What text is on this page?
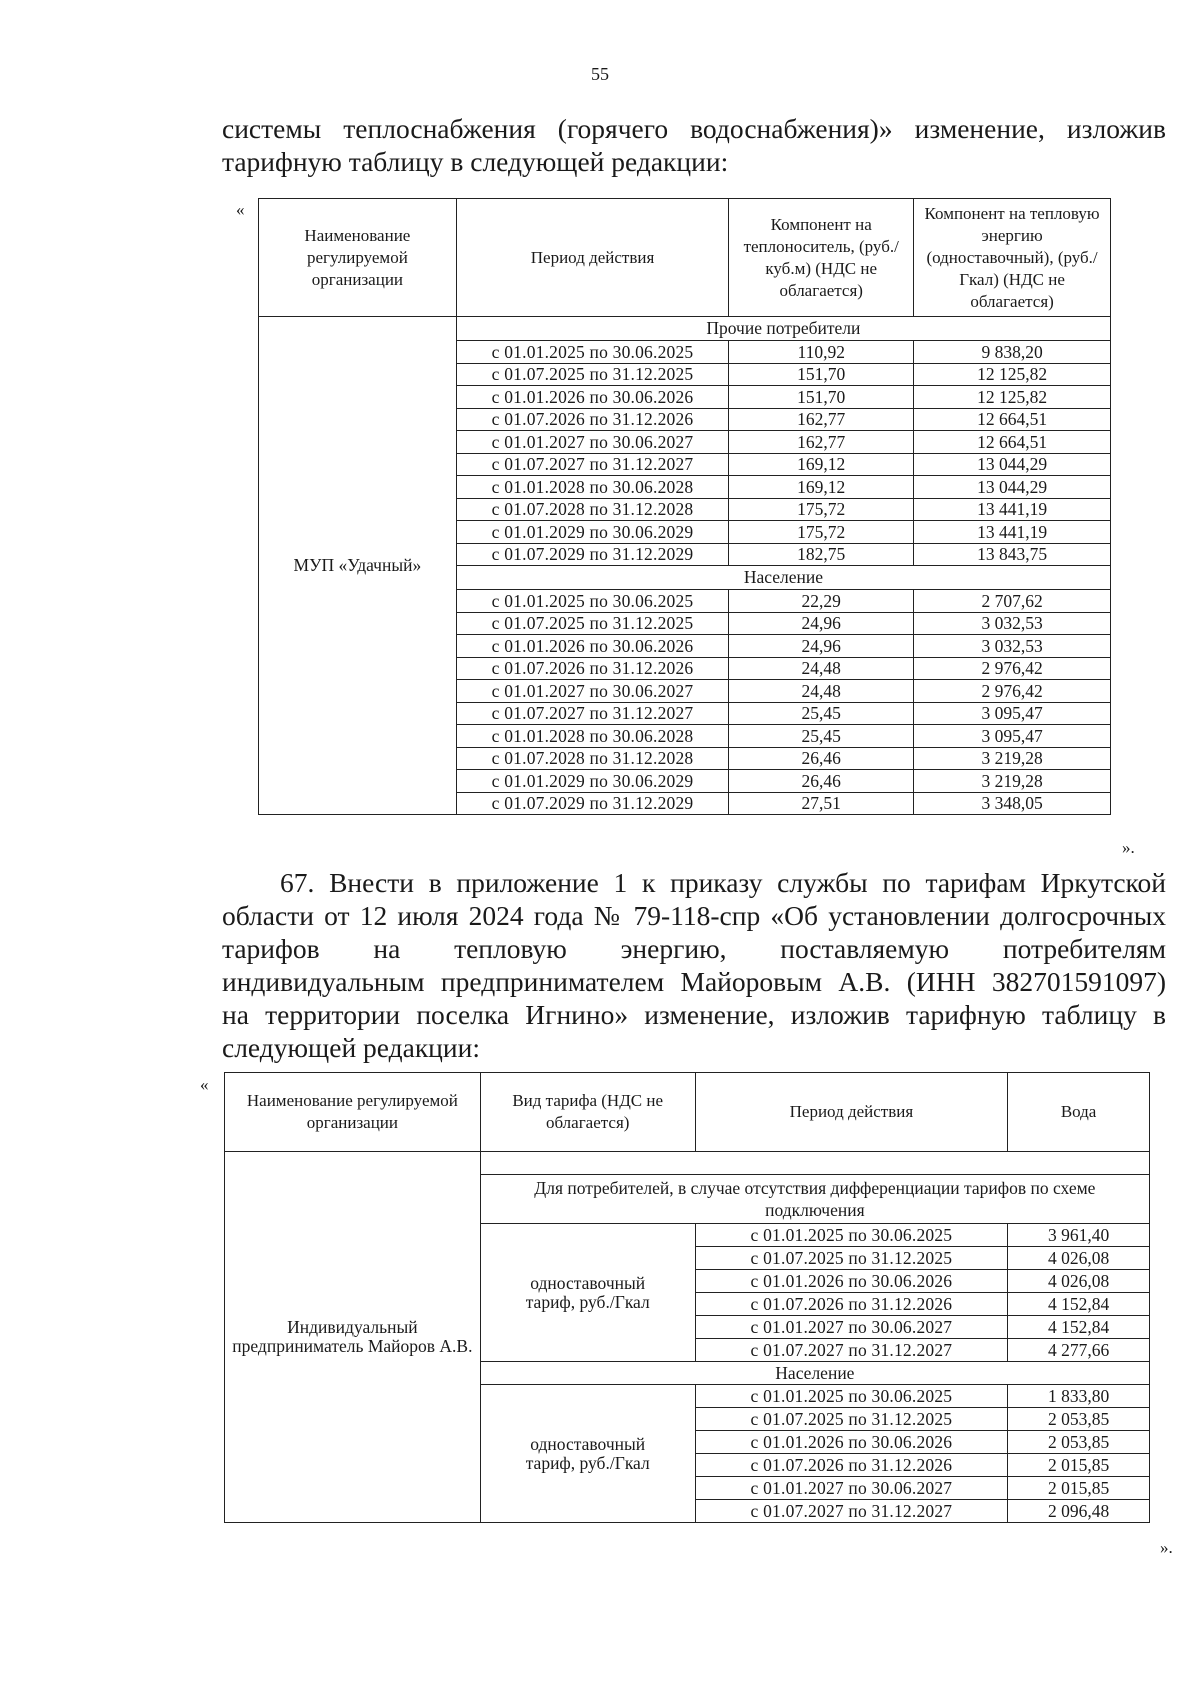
55
системы теплоснабжения (горячего водоснабжения)» изменение, изложив
тарифную таблицу в следующей редакции:
«
Наименование регулируемой организации	Период действия	Компонент на теплоноситель, (руб./куб.м) (НДС не облагается)	Компонент на тепловую энергию (одноставочный), (руб./Гкал) (НДС не облагается)
МУП «Удачный»	Прочие потребители		
	с 01.01.2025 по 30.06.2025	110,92	9 838,20
	с 01.07.2025 по 31.12.2025	151,70	12 125,82
	с 01.01.2026 по 30.06.2026	151,70	12 125,82
	с 01.07.2026 по 31.12.2026	162,77	12 664,51
	с 01.01.2027 по 30.06.2027	162,77	12 664,51
	с 01.07.2027 по 31.12.2027	169,12	13 044,29
	с 01.01.2028 по 30.06.2028	169,12	13 044,29
	с 01.07.2028 по 31.12.2028	175,72	13 441,19
	с 01.01.2029 по 30.06.2029	175,72	13 441,19
	с 01.07.2029 по 31.12.2029	182,75	13 843,75
	Население		
	с 01.01.2025 по 30.06.2025	22,29	2 707,62
	с 01.07.2025 по 31.12.2025	24,96	3 032,53
	с 01.01.2026 по 30.06.2026	24,96	3 032,53
	с 01.07.2026 по 31.12.2026	24,48	2 976,42
	с 01.01.2027 по 30.06.2027	24,48	2 976,42
	с 01.07.2027 по 31.12.2027	25,45	3 095,47
	с 01.01.2028 по 30.06.2028	25,45	3 095,47
	с 01.07.2028 по 31.12.2028	26,46	3 219,28
	с 01.01.2029 по 30.06.2029	26,46	3 219,28
	с 01.07.2029 по 31.12.2029	27,51	3 348,05
».
67. Внести в приложение 1 к приказу службы по тарифам Иркутской
области от 12 июля 2024 года № 79-118-спр «Об установлении долгосрочных
тарифов на тепловую энергию, поставляемую потребителям
индивидуальным предпринимателем Майоровым А.В. (ИНН 382701591097)
на территории поселка Игнино» изменение, изложив тарифную таблицу в
следующей редакции:
«
Наименование регулируемой организации	Вид тарифа (НДС не облагается)	Период действия	Вода
Индивидуальный предприниматель Майоров А.В.			
	Для потребителей, в случае отсутствия дифференциации тарифов по схеме подключения		
	одноставочный тариф, руб./Гкал	с 01.01.2025 по 30.06.2025	3 961,40
		с 01.07.2025 по 31.12.2025	4 026,08
		с 01.01.2026 по 30.06.2026	4 026,08
		с 01.07.2026 по 31.12.2026	4 152,84
		с 01.01.2027 по 30.06.2027	4 152,84
		с 01.07.2027 по 31.12.2027	4 277,66
	Население		
	одноставочный тариф, руб./Гкал	с 01.01.2025 по 30.06.2025	1 833,80
		с 01.07.2025 по 31.12.2025	2 053,85
		с 01.01.2026 по 30.06.2026	2 053,85
		с 01.07.2026 по 31.12.2026	2 015,85
		с 01.01.2027 по 30.06.2027	2 015,85
		с 01.07.2027 по 31.12.2027	2 096,48
».
